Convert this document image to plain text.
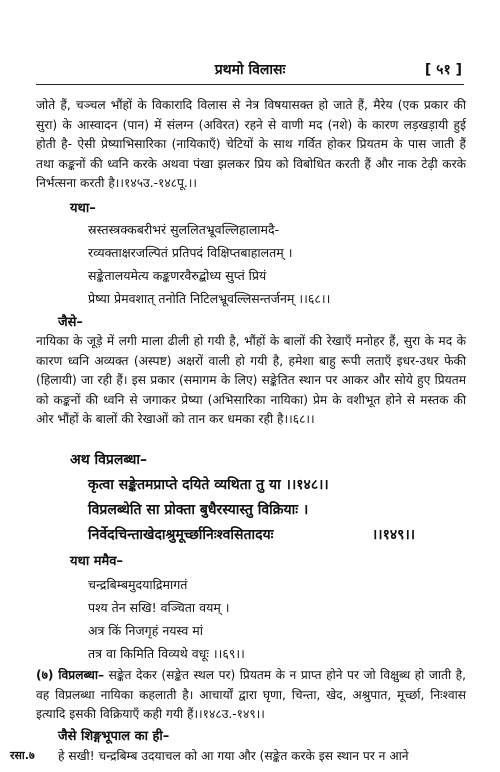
प्रथमो विलासः	[ ५१ ]
जोते हैं, चञ्चल भौंहों के विकारादि विलास से नेत्र विषयासक्त हो जाते हैं, मैरेय (एक प्रकार की सुरा) के आस्वादन (पान) में संलग्न (अविरत) रहने से वाणी मद (नशे) के कारण लड़खड़ायी हुई होती है- ऐसी प्रेष्याभिसारिका (नायिकाएँ) चेटियों के साथ गर्वित होकर प्रियतम के पास जाती हैं तथा कङ्कनों की ध्वनि करके अथवा पंखा झलकर प्रिय को विबोधित करती हैं और नाक टेढ़ी करके निर्भत्सना करती है।।१४५उ.-१४८पू.।।
यथा–
स्रस्तस्त्रक्कबरीभरं सुललितभ्रूवल्लिहालामदै-
रव्यक्ताक्षरजल्पितं प्रतिपदं विक्षिप्तबाहालतम् ।
सङ्केतालयमेत्य कङ्कणरवैरुद्बोध्य सुप्तं प्रियं
प्रेष्या प्रेमवशात् तनोति निटिलभ्रूवल्लिसन्तर्जनम् ।।६८।।
जैसे–
नायिका के जूड़े में लगी माला ढीली हो गयी है, भौंहों के बालों की रेखाएँ मनोहर हैं, सुरा के मद के कारण ध्वनि अव्यक्त (अस्पष्ट) अक्षरों वाली हो गयी है, हमेशा बाहु रूपी लताएँ इधर-उधर फेकी (हिलायी) जा रही हैं। इस प्रकार (समागम के लिए) सङ्केतित स्थान पर आकर और सोये हुए प्रियतम को कङ्कनों की ध्वनि से जगाकर प्रेष्या (अभिसारिका नायिका) प्रेम के वशीभूत होने से मस्तक की ओर भौंहों के बालों की रेखाओं को तान कर धमका रही है।।६८।।
अथ विप्रलब्धा–
कृत्वा सङ्केतमप्राप्ते दयिते व्यथिता तु या ।।१४८।।
विप्रलब्धेति सा प्रोक्ता बुधैरस्यास्तु विक्रियाः ।
निर्वेदचिन्ताखेदाश्रुमूर्च्छानिःश्वसितादयः	।।१४९।।
यथा ममैव–
चन्द्रबिम्बमुदयाद्रिमागतं
पश्य तेन सखि! वञ्चिता वयम् ।
अत्र किं निजगृहं नयस्व मां
तत्र वा किमिति विव्यथे वधूः ।।६९।।
(७) विप्रलब्धा– सङ्केत देकर (सङ्केत स्थल पर) प्रियतम के न प्राप्त होने पर जो विक्षुब्ध हो जाती है, वह विप्रलब्धा नायिका कहलाती है। आचार्यों द्वारा घृणा, चिन्ता, खेद, अश्रुपात, मूर्च्छा, निःश्वास इत्यादि इसकी विक्रियाएँ कही गयी हैं।।१४८उ.-१४९।।
जैसे शिङ्गभूपाल का ही–
रसा.७ हे सखी! चन्द्रबिम्ब उदयाचल को आ गया और (सङ्केत करके इस स्थान पर न आने
